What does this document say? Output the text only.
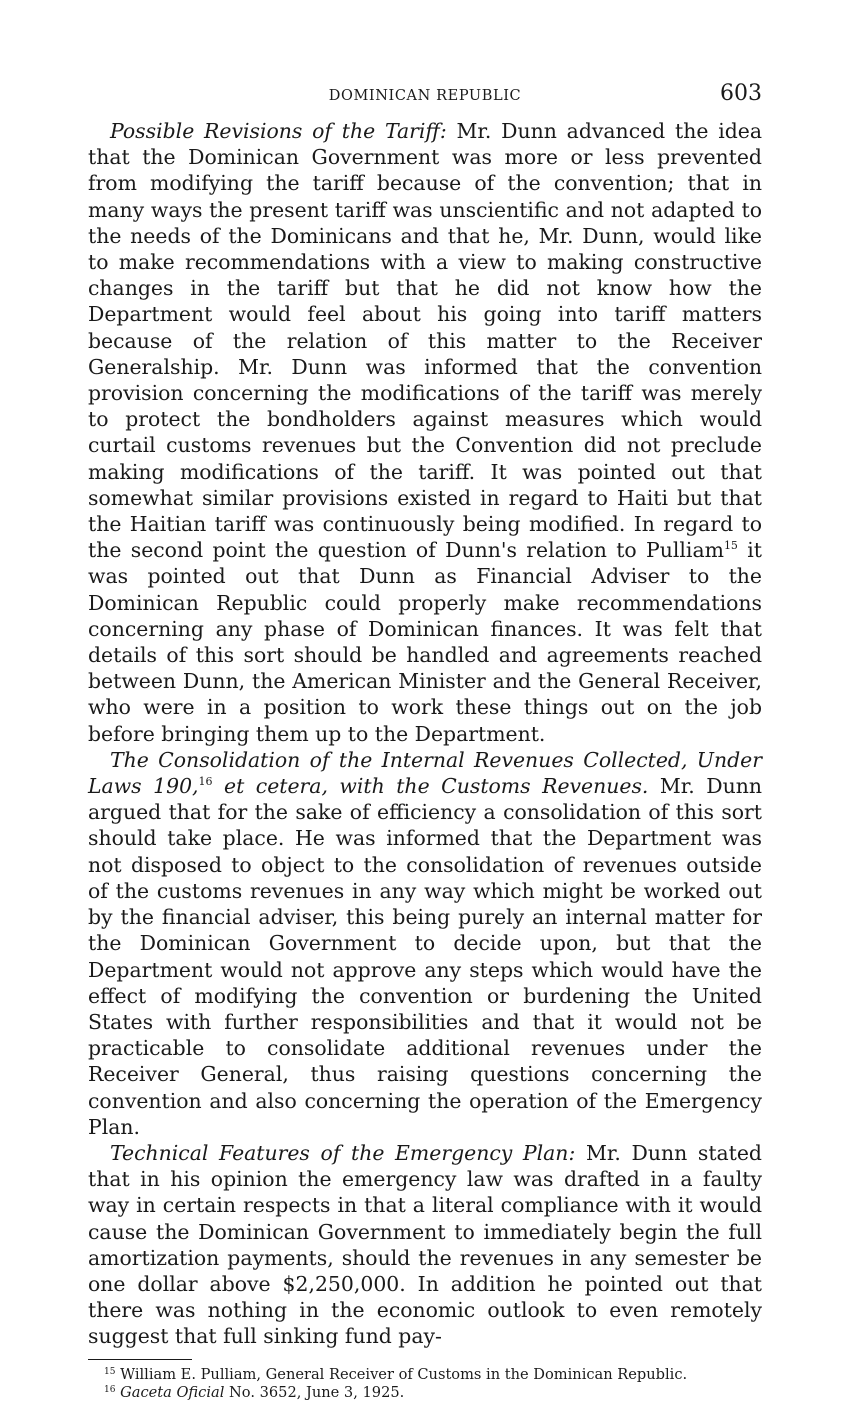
DOMINICAN REPUBLIC	603

Possible Revisions of the Tariff: Mr. Dunn advanced the idea that the Dominican Government was more or less prevented from modifying the tariff because of the convention; that in many ways the present tariff was unscientific and not adapted to the needs of the Dominicans and that he, Mr. Dunn, would like to make recommendations with a view to making constructive changes in the tariff but that he did not know how the Department would feel about his going into tariff matters because of the relation of this matter to the Receiver Generalship. Mr. Dunn was informed that the convention provision concerning the modifications of the tariff was merely to protect the bondholders against measures which would curtail customs revenues but the Convention did not preclude making modifications of the tariff. It was pointed out that somewhat similar provisions existed in regard to Haiti but that the Haitian tariff was continuously being modified. In regard to the second point the question of Dunn's relation to Pulliam$^{15}$ it was pointed out that Dunn as Financial Adviser to the Dominican Republic could properly make recommendations concerning any phase of Dominican finances. It was felt that details of this sort should be handled and agreements reached between Dunn, the American Minister and the General Receiver, who were in a position to work these things out on the job before bringing them up to the Department.

The Consolidation of the Internal Revenues Collected, Under Laws 190,16 et cetera, with the Customs Revenues. Mr. Dunn argued that for the sake of efficiency a consolidation of this sort should take place. He was informed that the Department was not disposed to object to the consolidation of revenues outside of the customs revenues in any way which might be worked out by the financial adviser, this being purely an internal matter for the Dominican Government to decide upon, but that the Department would not approve any steps which would have the effect of modifying the convention or burdening the United States with further responsibilities and that it would not be practicable to consolidate additional revenues under the Receiver General, thus raising questions concerning the convention and also concerning the operation of the Emergency Plan.

Technical Features of the Emergency Plan: Mr. Dunn stated that in his opinion the emergency law was drafted in a faulty way in certain respects in that a literal compliance with it would cause the Dominican Government to immediately begin the full amortization payments, should the revenues in any semester be one dollar above $2,250,000. In addition he pointed out that there was nothing in the economic outlook to even remotely suggest that full sinking fund pay-

$^{15}$ William E. Pulliam, General Receiver of Customs in the Dominican Republic.

$^{16}$ Gaceta Oficial No. 3652, June 3, 1925.
